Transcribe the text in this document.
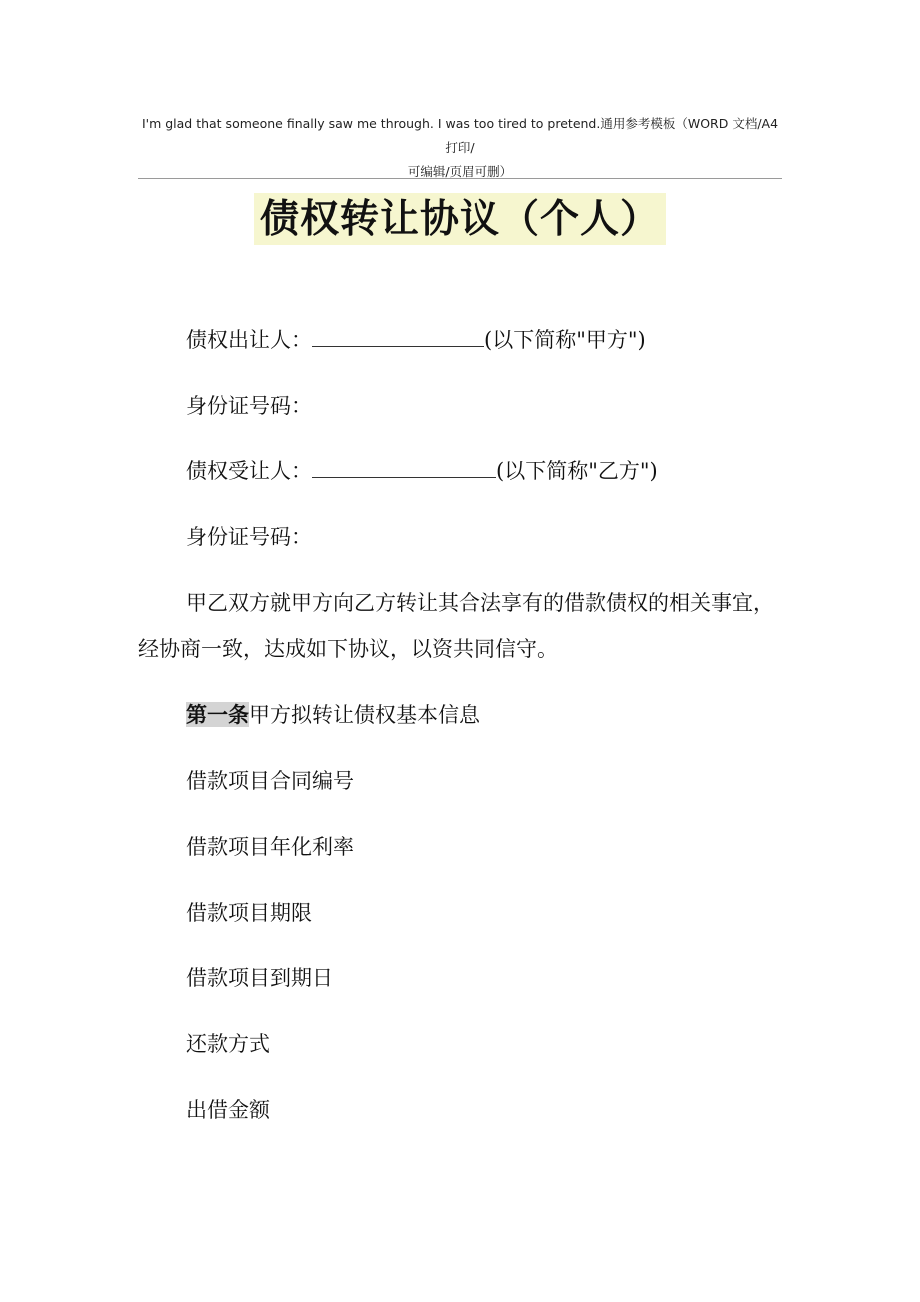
I'm glad that someone finally saw me through. I was too tired to pretend.通用参考模板（WORD 文档/A4 打印/
可编辑/页眉可删）
债权转让协议（个人）
债权出让人：	(以下简称"甲方")
身份证号码：
债权受让人：	(以下简称"乙方")
身份证号码：
甲乙双方就甲方向乙方转让其合法享有的借款债权的相关事宜，经协商一致，达成如下协议，以资共同信守。
第一条甲方拟转让债权基本信息
借款项目合同编号
借款项目年化利率
借款项目期限
借款项目到期日
还款方式
出借金额
